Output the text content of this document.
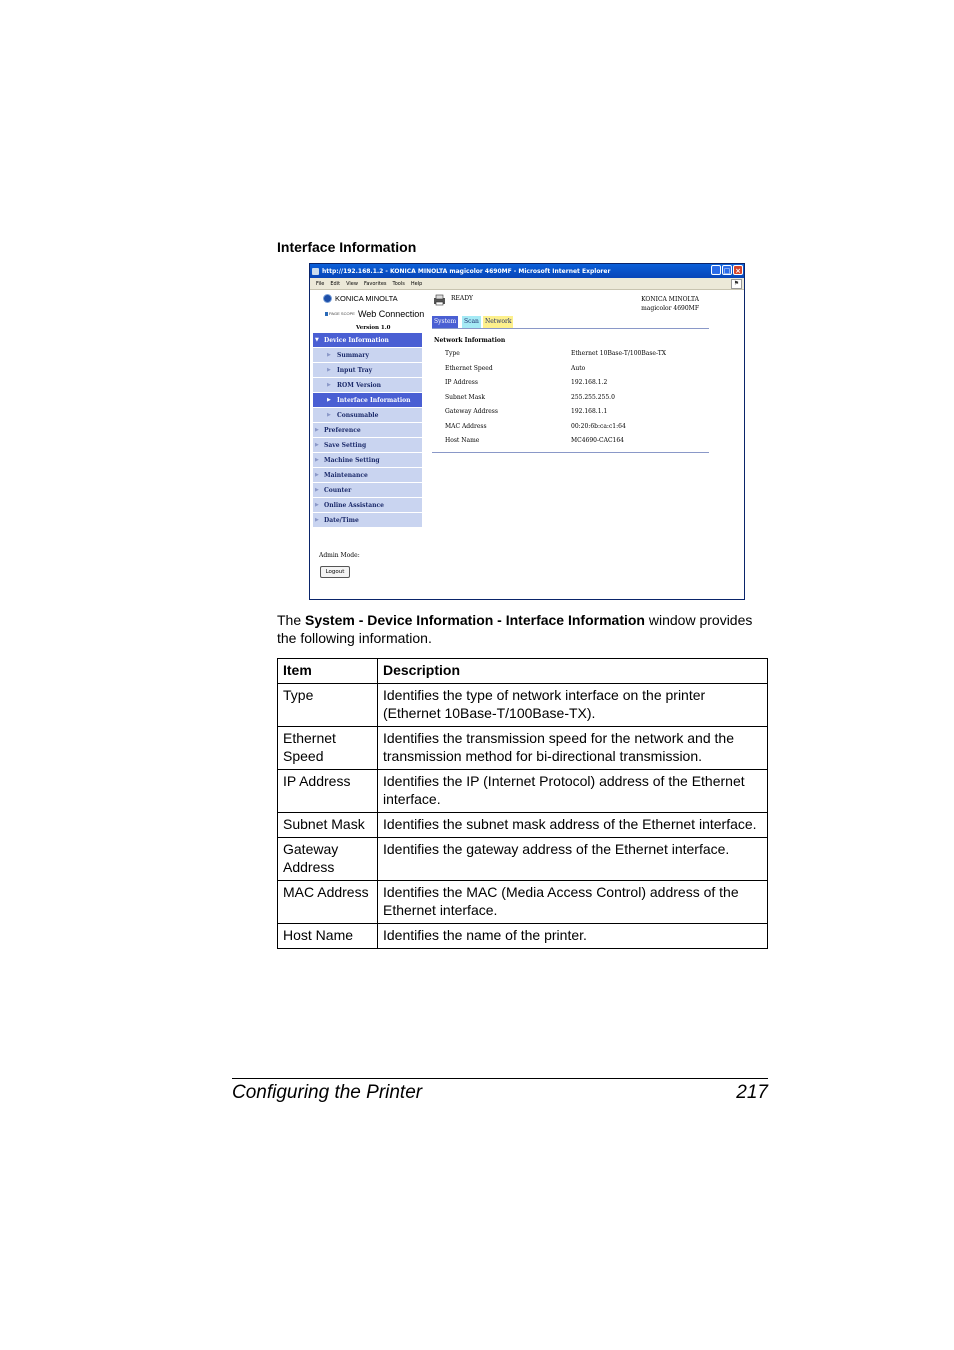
Interface Information
http://192.168.1.2 - KONICA MINOLTA magicolor 4690MF - Microsoft Internet Explorer	_ □ ×
File Edit View Favorites Tools Help	⚑
KONICA MINOLTA
PAGE SCOPE Web Connection
Version 1.0
▼ Device Information
▶ Summary
▶ Input Tray
▶ ROM Version
▶ Interface Information
▶ Consumable
▶ Preference
▶ Save Setting
▶ Machine Setting
▶ Maintenance
▶ Counter
▶ Online Assistance
▶ Date/Time
Admin Mode:
Logout
READY	KONICA MINOLTA
magicolor 4690MF
System	Scan	Network
Network Information
Type	Ethernet 10Base-T/100Base-TX
Ethernet Speed	Auto
IP Address	192.168.1.2
Subnet Mask	255.255.255.0
Gateway Address	192.168.1.1
MAC Address	00:20:6b:ca:c1:64
Host Name	MC4690-CAC164
The System - Device Information - Interface Information window provides the following information.
Item	Description
Type	Identifies the type of network interface on the printer (Ethernet 10Base-T/100Base-TX).
Ethernet Speed	Identifies the transmission speed for the network and the transmission method for bi-directional transmission.
IP Address	Identifies the IP (Internet Protocol) address of the Ethernet interface.
Subnet Mask	Identifies the subnet mask address of the Ethernet interface.
Gateway Address	Identifies the gateway address of the Ethernet interface.
MAC Address	Identifies the MAC (Media Access Control) address of the Ethernet interface.
Host Name	Identifies the name of the printer.
Configuring the Printer	217
